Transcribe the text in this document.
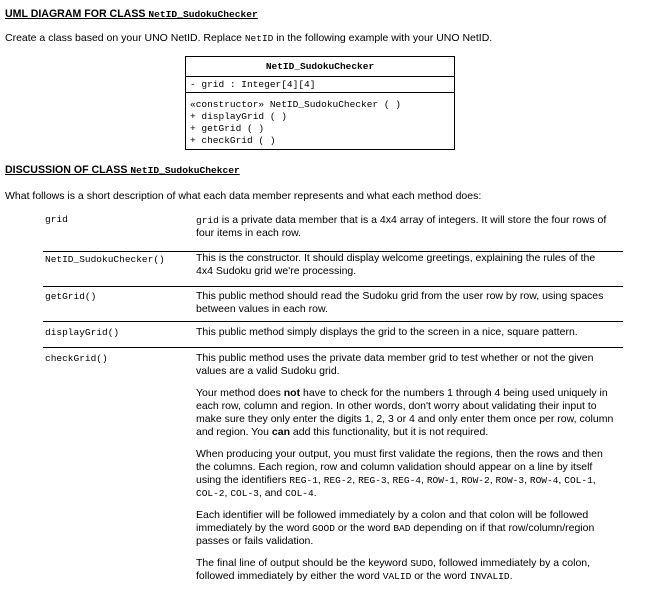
UML DIAGRAM FOR CLASS NetID_SudokuChecker
Create a class based on your UNO NetID. Replace NetID in the following example with your UNO NetID.
NetID_SudokuChecker
- grid : Integer[4][4]
«constructor» NetID_SudokuChecker ( )
+ displayGrid ( )
+ getGrid ( )
+ checkGrid ( )
DISCUSSION OF CLASS NetID_SudokuChekcer
What follows is a short description of what each data member represents and what each method does:
grid	grid is a private data member that is a 4x4 array of integers. It will store the four rows of four items in each row.
NetID_SudokuChecker()	This is the constructor. It should display welcome greetings, explaining the rules of the 4x4 Sudoku grid we're processing.
getGrid()	This public method should read the Sudoku grid from the user row by row, using spaces between values in each row.
displayGrid()	This public method simply displays the grid to the screen in a nice, square pattern.
checkGrid()	This public method uses the private data member grid to test whether or not the given values are a valid Sudoku grid.

Your method does not have to check for the numbers 1 through 4 being used uniquely in each row, column and region. In other words, don't worry about validating their input to make sure they only enter the digits 1, 2, 3 or 4 and only enter them once per row, column and region. You can add this functionality, but it is not required.

When producing your output, you must first validate the regions, then the rows and then the columns. Each region, row and column validation should appear on a line by itself using the identifiers REG-1, REG-2, REG-3, REG-4, ROW-1, ROW-2, ROW-3, ROW-4, COL-1, COL-2, COL-3, and COL-4.

Each identifier will be followed immediately by a colon and that colon will be followed immediately by the word GOOD or the word BAD depending on if that row/column/region passes or fails validation.

The final line of output should be the keyword SUDO, followed immediately by a colon, followed immediately by either the word VALID or the word INVALID.
